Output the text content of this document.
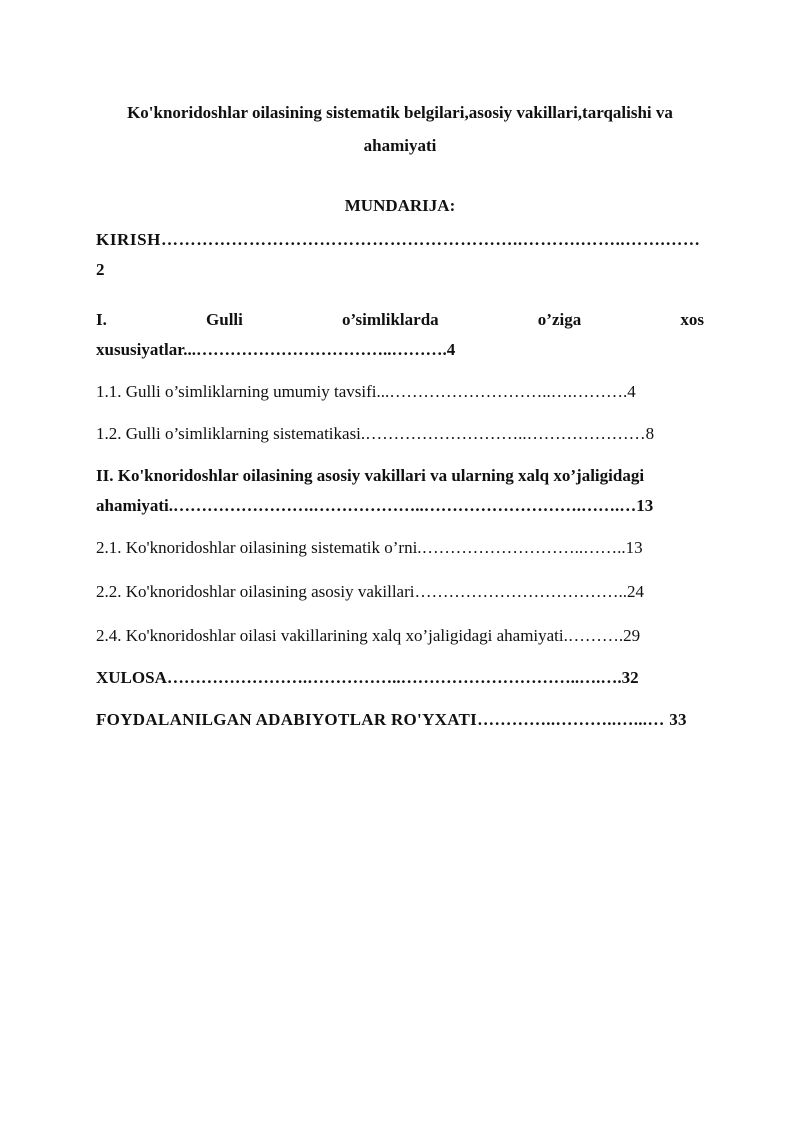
Ko'knoridoshlar oilasining sistematik belgilari,asosiy vakillari,tarqalishi va ahamiyati
MUNDARIJA:
KIRISH……………………………………………………..……….……..…….…… 2
I. Gulli o’simliklarda o’ziga xos xususiyatlar...……………………………..……….4
1.1. Gulli o’simliklarning umumiy tavsifi...………………………..….……….4
1.2. Gulli o’simliklarning sistematikasi.………………………..…………………8
II. Ko'knoridoshlar oilasining asosiy vakillari va ularning xalq xo’jaligidagi ahamiyati.…………………….………………..……………………….…….…13
2.1. Ko'knoridoshlar oilasining sistematik o’rni.………………………..……..13
2.2. Ko'knoridoshlar oilasining asosiy vakillari………………………………..24
2.4. Ko'knoridoshlar oilasi vakillarining xalq xo’jaligidagi ahamiyati.……….29
XULOSA…………………….……………..…………………………..….….32
FOYDALANILGAN ADABIYOTLAR RO'YXATI…………..………..…...… 33
